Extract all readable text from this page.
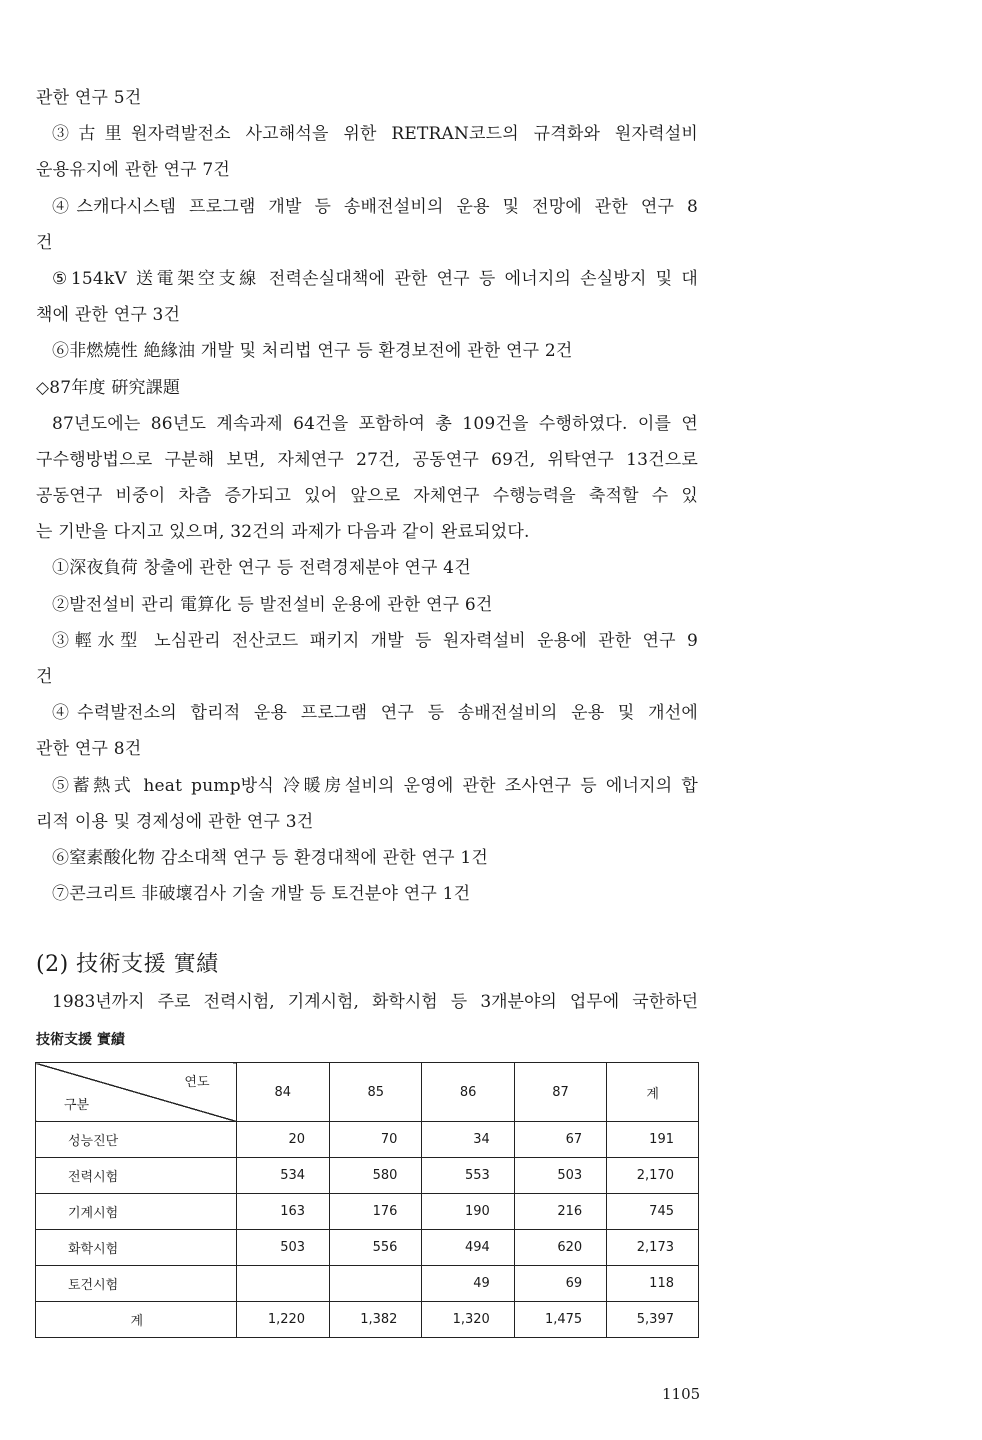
관한 연구 5건
③古里원자력발전소 사고해석을 위한 RETRAN코드의 규격화와 원자력설비
운용유지에 관한 연구 7건
④스캐다시스템 프로그램 개발 등 송배전설비의 운용 및 전망에 관한 연구 8
건
⑤154kV 送電架空支線 전력손실대책에 관한 연구 등 에너지의 손실방지 및 대
책에 관한 연구 3건
⑥非燃燒性 絶緣油 개발 및 처리법 연구 등 환경보전에 관한 연구 2건
◇87年度 硏究課題
87년도에는 86년도 계속과제 64건을 포함하여 총 109건을 수행하였다. 이를 연
구수행방법으로 구분해 보면, 자체연구 27건, 공동연구 69건, 위탁연구 13건으로
공동연구 비중이 차츰 증가되고 있어 앞으로 자체연구 수행능력을 축적할 수 있
는 기반을 다지고 있으며, 32건의 과제가 다음과 같이 완료되었다.
①深夜負荷 창출에 관한 연구 등 전력경제분야 연구 4건
②발전설비 관리 電算化 등 발전설비 운용에 관한 연구 6건
③輕水型 노심관리 전산코드 패키지 개발 등 원자력설비 운용에 관한 연구 9
건
④수력발전소의 합리적 운용 프로그램 연구 등 송배전설비의 운용 및 개선에
관한 연구 8건
⑤蓄熱式 heat pump방식 冷暖房설비의 운영에 관한 조사연구 등 에너지의 합
리적 이용 및 경제성에 관한 연구 3건
⑥窒素酸化物 감소대책 연구 등 환경대책에 관한 연구 1건
⑦콘크리트 非破壞검사 기술 개발 등 토건분야 연구 1건
(2) 技術支援 實績
1983년까지 주로 전력시험, 기계시험, 화학시험 등 3개분야의 업무에 국한하던
技術支援 實績
연도
구분	84	85	86	87	계
성능진단	20	70	34	67	191
전력시험	534	580	553	503	2,170
기계시험	163	176	190	216	745
화학시험	503	556	494	620	2,173
토건시험			49	69	118
계	1,220	1,382	1,320	1,475	5,397
1105
